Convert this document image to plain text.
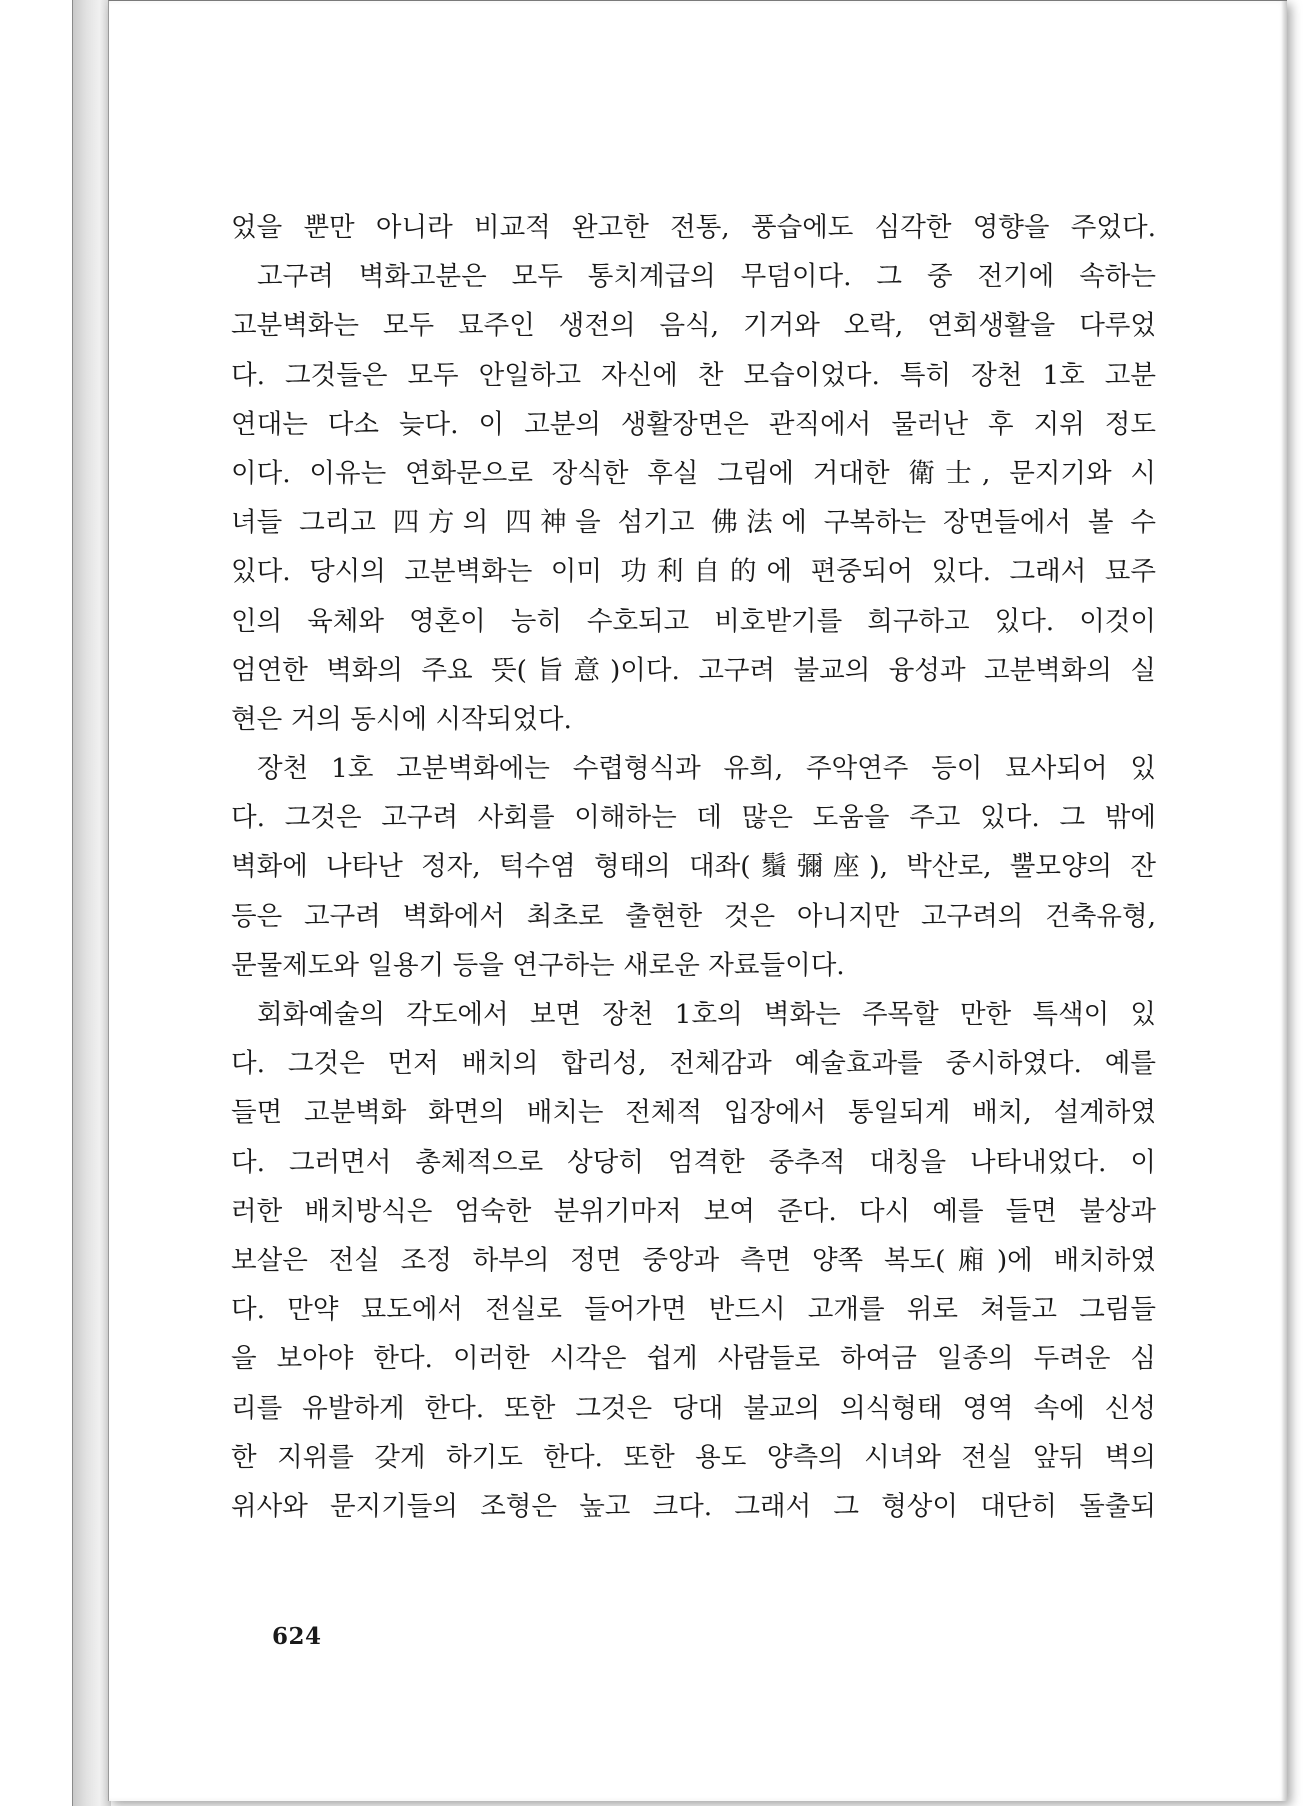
었을 뿐만 아니라 비교적 완고한 전통, 풍습에도 심각한 영향을 주었다.
고구려 벽화고분은 모두 통치계급의 무덤이다. 그 중 전기에 속하는
고분벽화는 모두 묘주인 생전의 음식, 기거와 오락, 연회생활을 다루었
다. 그것들은 모두 안일하고 자신에 찬 모습이었다. 특히 장천 1호 고분
연대는 다소 늦다. 이 고분의 생활장면은 관직에서 물러난 후 지위 정도
이다. 이유는 연화문으로 장식한 후실 그림에 거대한 衛士, 문지기와 시
녀들 그리고 四方의 四神을 섬기고 佛法에 구복하는 장면들에서 볼 수
있다. 당시의 고분벽화는 이미 功利自的에 편중되어 있다. 그래서 묘주
인의 육체와 영혼이 능히 수호되고 비호받기를 희구하고 있다. 이것이
엄연한 벽화의 주요 뜻(旨意)이다. 고구려 불교의 융성과 고분벽화의 실
현은 거의 동시에 시작되었다.
장천 1호 고분벽화에는 수렵형식과 유희, 주악연주 등이 묘사되어 있
다. 그것은 고구려 사회를 이해하는 데 많은 도움을 주고 있다. 그 밖에
벽화에 나타난 정자, 턱수염 형태의 대좌(鬚彌座), 박산로, 뿔모양의 잔
등은 고구려 벽화에서 최초로 출현한 것은 아니지만 고구려의 건축유형,
문물제도와 일용기 등을 연구하는 새로운 자료들이다.
회화예술의 각도에서 보면 장천 1호의 벽화는 주목할 만한 특색이 있
다. 그것은 먼저 배치의 합리성, 전체감과 예술효과를 중시하였다. 예를
들면 고분벽화 화면의 배치는 전체적 입장에서 통일되게 배치, 설계하였
다. 그러면서 총체적으로 상당히 엄격한 중추적 대칭을 나타내었다. 이
러한 배치방식은 엄숙한 분위기마저 보여 준다. 다시 예를 들면 불상과
보살은 전실 조정 하부의 정면 중앙과 측면 양쪽 복도(廂)에 배치하였
다. 만약 묘도에서 전실로 들어가면 반드시 고개를 위로 쳐들고 그림들
을 보아야 한다. 이러한 시각은 쉽게 사람들로 하여금 일종의 두려운 심
리를 유발하게 한다. 또한 그것은 당대 불교의 의식형태 영역 속에 신성
한 지위를 갖게 하기도 한다. 또한 용도 양측의 시녀와 전실 앞뒤 벽의
위사와 문지기들의 조형은 높고 크다. 그래서 그 형상이 대단히 돌출되
624
